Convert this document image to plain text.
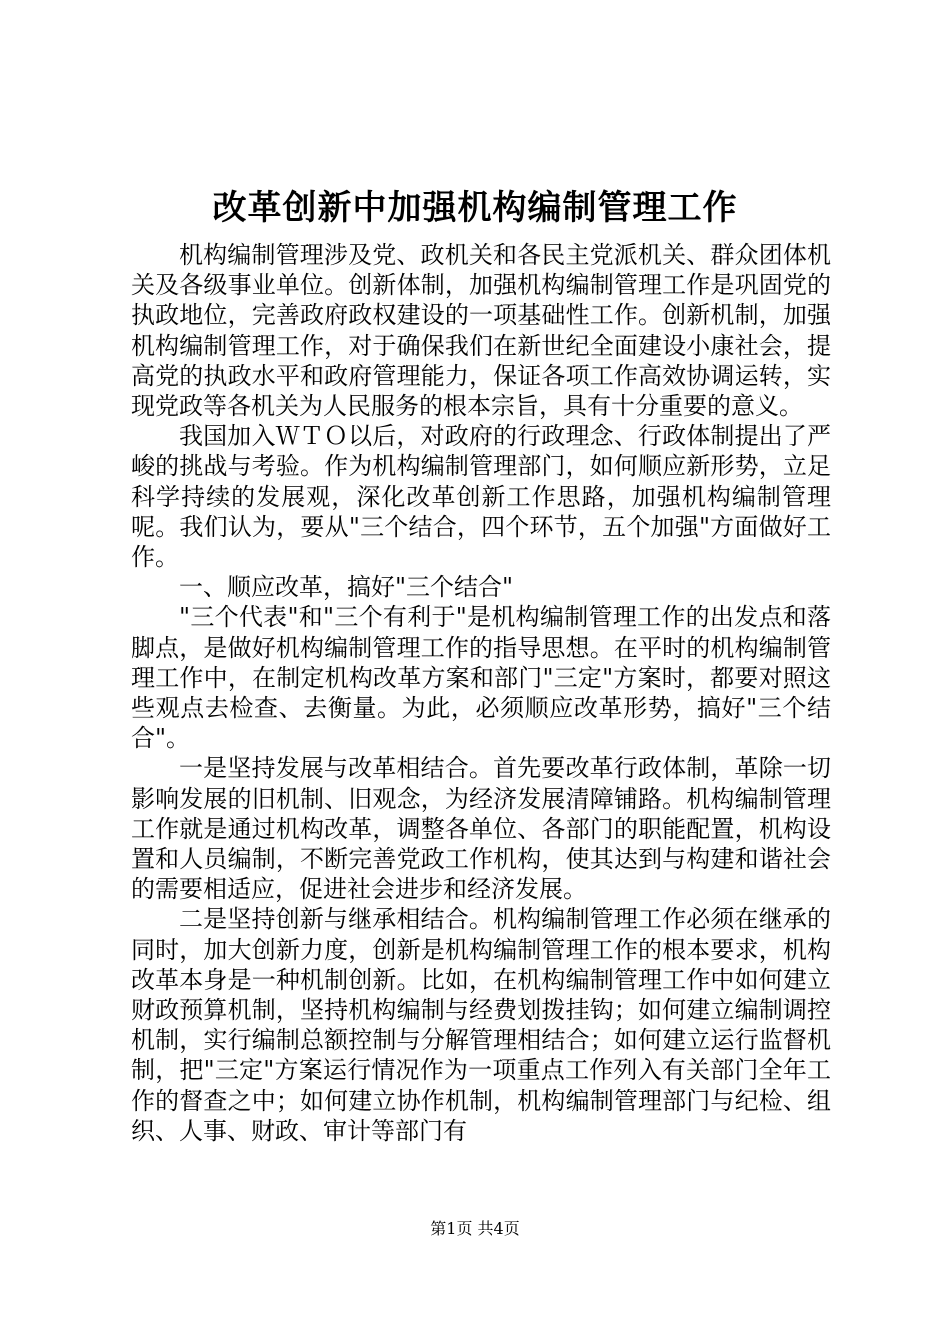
改革创新中加强机构编制管理工作

机构编制管理涉及党、政机关和各民主党派机关、群众团体机关及各级事业单位。创新体制，加强机构编制管理工作是巩固党的执政地位，完善政府政权建设的一项基础性工作。创新机制，加强机构编制管理工作，对于确保我们在新世纪全面建设小康社会，提高党的执政水平和政府管理能力，保证各项工作高效协调运转，实现党政等各机关为人民服务的根本宗旨，具有十分重要的意义。

我国加入ＷＴＯ以后，对政府的行政理念、行政体制提出了严峻的挑战与考验。作为机构编制管理部门，如何顺应新形势，立足科学持续的发展观，深化改革创新工作思路，加强机构编制管理呢。我们认为，要从"三个结合，四个环节，五个加强"方面做好工作。

一、顺应改革，搞好"三个结合"

"三个代表"和"三个有利于"是机构编制管理工作的出发点和落脚点，是做好机构编制管理工作的指导思想。在平时的机构编制管理工作中，在制定机构改革方案和部门"三定"方案时，都要对照这些观点去检查、去衡量。为此，必须顺应改革形势，搞好"三个结合"。

一是坚持发展与改革相结合。首先要改革行政体制，革除一切影响发展的旧机制、旧观念，为经济发展清障铺路。机构编制管理工作就是通过机构改革，调整各单位、各部门的职能配置，机构设置和人员编制，不断完善党政工作机构，使其达到与构建和谐社会的需要相适应，促进社会进步和经济发展。

二是坚持创新与继承相结合。机构编制管理工作必须在继承的同时，加大创新力度，创新是机构编制管理工作的根本要求，机构改革本身是一种机制创新。比如，在机构编制管理工作中如何建立财政预算机制，坚持机构编制与经费划拨挂钩；如何建立编制调控机制，实行编制总额控制与分解管理相结合；如何建立运行监督机制，把"三定"方案运行情况作为一项重点工作列入有关部门全年工作的督查之中；如何建立协作机制，机构编制管理部门与纪检、组织、人事、财政、审计等部门有

第1页 共4页
